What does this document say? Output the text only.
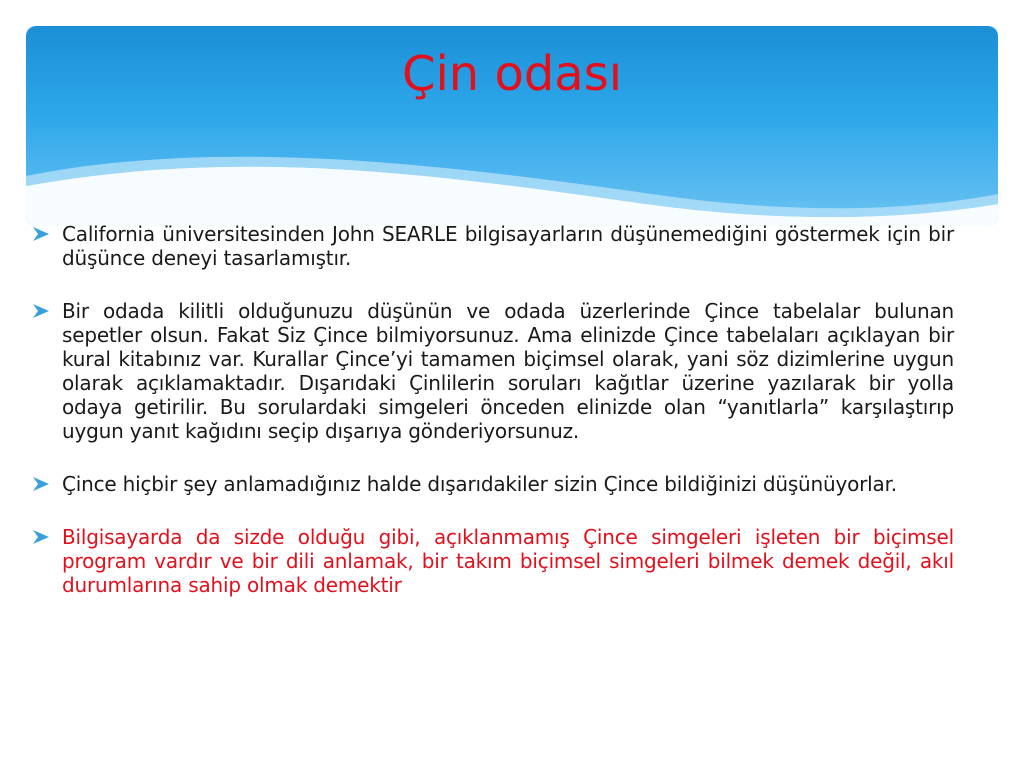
Çin odası
California üniversitesinden John SEARLE bilgisayarların düşünemediğini göstermek için bir düşünce deneyi tasarlamıştır.
Bir odada kilitli olduğunuzu düşünün ve odada üzerlerinde Çince tabelalar bulunan sepetler olsun. Fakat Siz Çince bilmiyorsunuz. Ama elinizde Çince tabelaları açıklayan bir kural kitabınız var. Kurallar Çince’yi tamamen biçimsel olarak, yani söz dizimlerine uygun olarak açıklamaktadır. Dışarıdaki Çinlilerin soruları kağıtlar üzerine yazılarak bir yolla odaya getirilir. Bu sorulardaki simgeleri önceden elinizde olan “yanıtlarla” karşılaştırıp uygun yanıt kağıdını seçip dışarıya gönderiyorsunuz.
Çince hiçbir şey anlamadığınız halde dışarıdakiler sizin Çince bildiğinizi düşünüyorlar.
Bilgisayarda da sizde olduğu gibi, açıklanmamış Çince simgeleri işleten bir biçimsel program vardır ve bir dili anlamak, bir takım biçimsel simgeleri bilmek demek değil, akıl durumlarına sahip olmak demektir
